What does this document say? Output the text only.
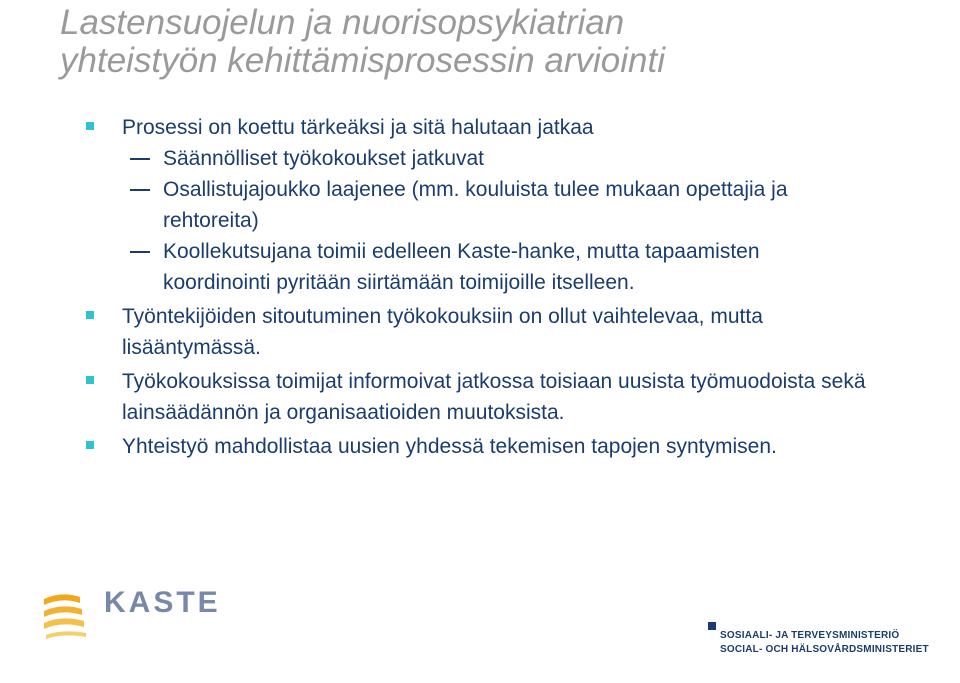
Lastensuojelun ja nuorisopsykiatrian
yhteistyön kehittämisprosessin arviointi
Prosessi on koettu tärkeäksi ja sitä halutaan jatkaa
Säännölliset työkokoukset jatkuvat
Osallistujajoukko laajenee (mm. kouluista tulee mukaan opettajia ja rehtoreita)
Koollekutsujana toimii edelleen Kaste-hanke, mutta tapaamisten koordinointi pyritään siirtämään toimijoille itselleen.
Työntekijöiden sitoutuminen työkokouksiin on ollut vaihtelevaa, mutta lisääntymässä.
Työkokouksissa toimijat informoivat jatkossa toisiaan uusista työmuodoista sekä lainsäädännön ja organisaatioiden muutoksista.
Yhteistyö mahdollistaa uusien yhdessä tekemisen tapojen syntymisen.
KASTE
SOSIAALI- JA TERVEYSMINISTERIÖ
SOCIAL- OCH HÄLSOVÅRDSMINISTERIET
